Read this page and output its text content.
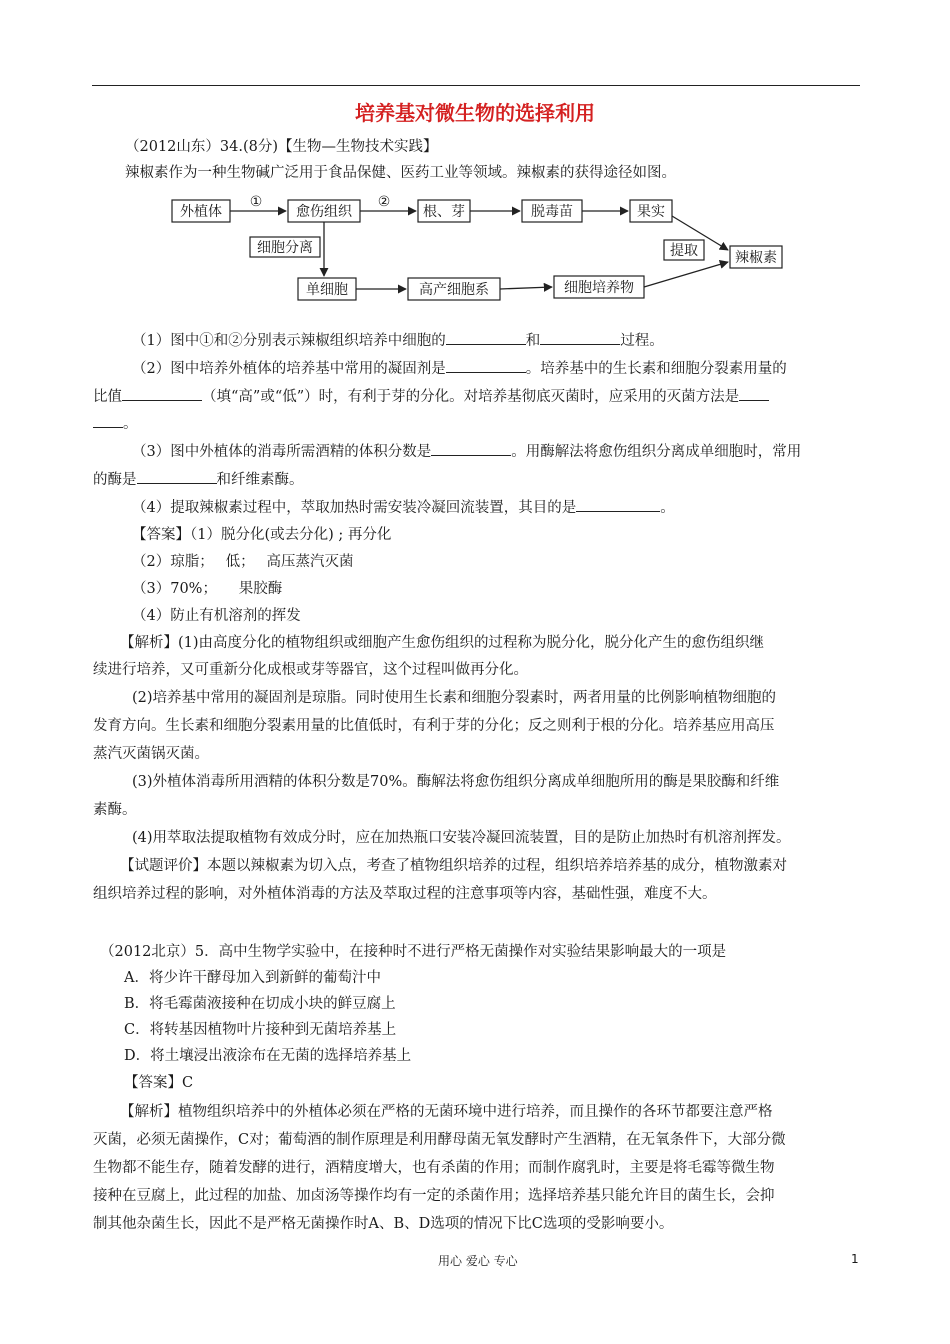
培养基对微生物的选择利用
（2012山东）34.(8分)【生物—生物技术实践】
辣椒素作为一种生物碱广泛用于食品保健、医药工业等领域。辣椒素的获得途径如图。
外植体	愈伤组织	根、芽	脱毒苗	果实
①	②
细胞分离
单细胞	高产细胞系	细胞培养物
辣椒素
提取
（1）图中①和②分别表示辣椒组织培养中细胞的	和	过程。
（2）图中培养外植体的培养基中常用的凝固剂是	。培养基中的生长素和细胞分裂素用量的
比值	（填“高”或“低”）时，有利于芽的分化。对培养基彻底灭菌时，应采用的灭菌方法是
。
（3）图中外植体的消毒所需酒精的体积分数是	。用酶解法将愈伤组织分离成单细胞时，常用
的酶是	和纤维素酶。
（4）提取辣椒素过程中，萃取加热时需安装冷凝回流装置，其目的是	。
【答案】（1）脱分化(或去分化) ; 再分化
（2）琼脂；　 低；　 高压蒸汽灭菌
（3）70%；　　果胶酶
（4）防止有机溶剂的挥发
【解析】(1)由高度分化的植物组织或细胞产生愈伤组织的过程称为脱分化，脱分化产生的愈伤组织继
续进行培养，又可重新分化成根或芽等器官，这个过程叫做再分化。
(2)培养基中常用的凝固剂是琼脂。同时使用生长素和细胞分裂素时，两者用量的比例影响植物细胞的
发育方向。生长素和细胞分裂素用量的比值低时，有利于芽的分化；反之则利于根的分化。培养基应用高压
蒸汽灭菌锅灭菌。
(3)外植体消毒所用酒精的体积分数是70%。酶解法将愈伤组织分离成单细胞所用的酶是果胶酶和纤维
素酶。
(4)用萃取法提取植物有效成分时，应在加热瓶口安装冷凝回流装置，目的是防止加热时有机溶剂挥发。
【试题评价】本题以辣椒素为切入点，考查了植物组织培养的过程，组织培养培养基的成分，植物激素对
组织培养过程的影响，对外植体消毒的方法及萃取过程的注意事项等内容，基础性强，难度不大。
（2012北京）5．高中生物学实验中，在接种时不进行严格无菌操作对实验结果影响最大的一项是
A．将少许干酵母加入到新鲜的葡萄汁中
B．将毛霉菌液接种在切成小块的鲜豆腐上
C．将转基因植物叶片接种到无菌培养基上
D．将土壤浸出液涂布在无菌的选择培养基上
【答案】C
【解析】植物组织培养中的外植体必须在严格的无菌环境中进行培养，而且操作的各环节都要注意严格
灭菌，必须无菌操作，C对；葡萄酒的制作原理是利用酵母菌无氧发酵时产生酒精，在无氧条件下，大部分微
生物都不能生存，随着发酵的进行，酒精度增大，也有杀菌的作用；而制作腐乳时，主要是将毛霉等微生物
接种在豆腐上，此过程的加盐、加卤汤等操作均有一定的杀菌作用；选择培养基只能允许目的菌生长，会抑
制其他杂菌生长，因此不是严格无菌操作时A、B、D选项的情况下比C选项的受影响要小。
用心 爱心 专心	1
